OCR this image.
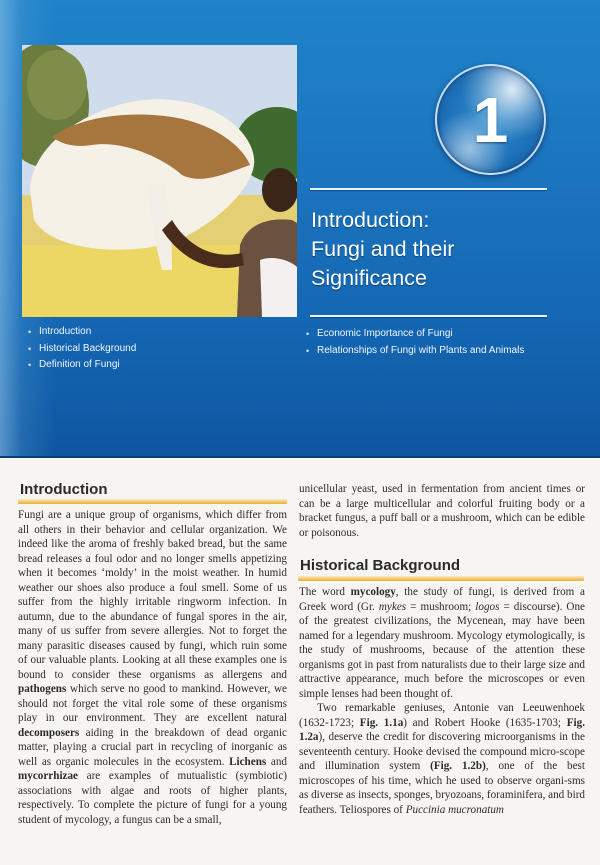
1
Introduction:
Fungi and their
Significance
• Introduction
• Historical Background
• Definition of Fungi
• Economic Importance of Fungi
• Relationships of Fungi with Plants and Animals
Introduction

Fungi are a unique group of organisms, which differ from all others in their behavior and cellular organization. We indeed like the aroma of freshly baked bread, but the same bread releases a foul odor and no longer smells appetizing when it becomes ‘moldy’ in the moist weather. In humid weather our shoes also produce a foul smell. Some of us suffer from the highly irritable ringworm infection. In autumn, due to the abundance of fungal spores in the air, many of us suffer from severe allergies. Not to forget the many parasitic diseases caused by fungi, which ruin some of our valuable plants. Looking at all these examples one is bound to consider these organisms as allergens and pathogens which serve no good to mankind. However, we should not forget the vital role some of these organisms play in our environment. They are excellent natural decomposers aiding in the breakdown of dead organic matter, playing a crucial part in recycling of inorganic as well as organic molecules in the ecosystem. Lichens and mycorrhizae are examples of mutualistic (symbiotic) associations with algae and roots of higher plants, respectively. To complete the picture of fungi for a young student of mycology, a fungus can be a small,

unicellular yeast, used in fermentation from ancient times or can be a large multicellular and colorful fruiting body or a bracket fungus, a puff ball or a mushroom, which can be edible or poisonous.

Historical Background

The word mycology, the study of fungi, is derived from a Greek word (Gr. mykes = mushroom; logos = discourse). One of the greatest civilizations, the Mycenean, may have been named for a legendary mushroom. Mycology etymologically, is the study of mushrooms, because of the attention these organisms got in past from naturalists due to their large size and attractive appearance, much before the microscopes or even simple lenses had been thought of.

Two remarkable geniuses, Antonie van Leeuwenhoek (1632-1723; Fig. 1.1a) and Robert Hooke (1635-1703; Fig. 1.2a), deserve the credit for discovering microorganisms in the seventeenth century. Hooke devised the compound micro-scope and illumination system (Fig. 1.2b), one of the best microscopes of his time, which he used to observe organi-sms as diverse as insects, sponges, bryozoans, foraminifera, and bird feathers. Teliospores of Puccinia mucronatum
